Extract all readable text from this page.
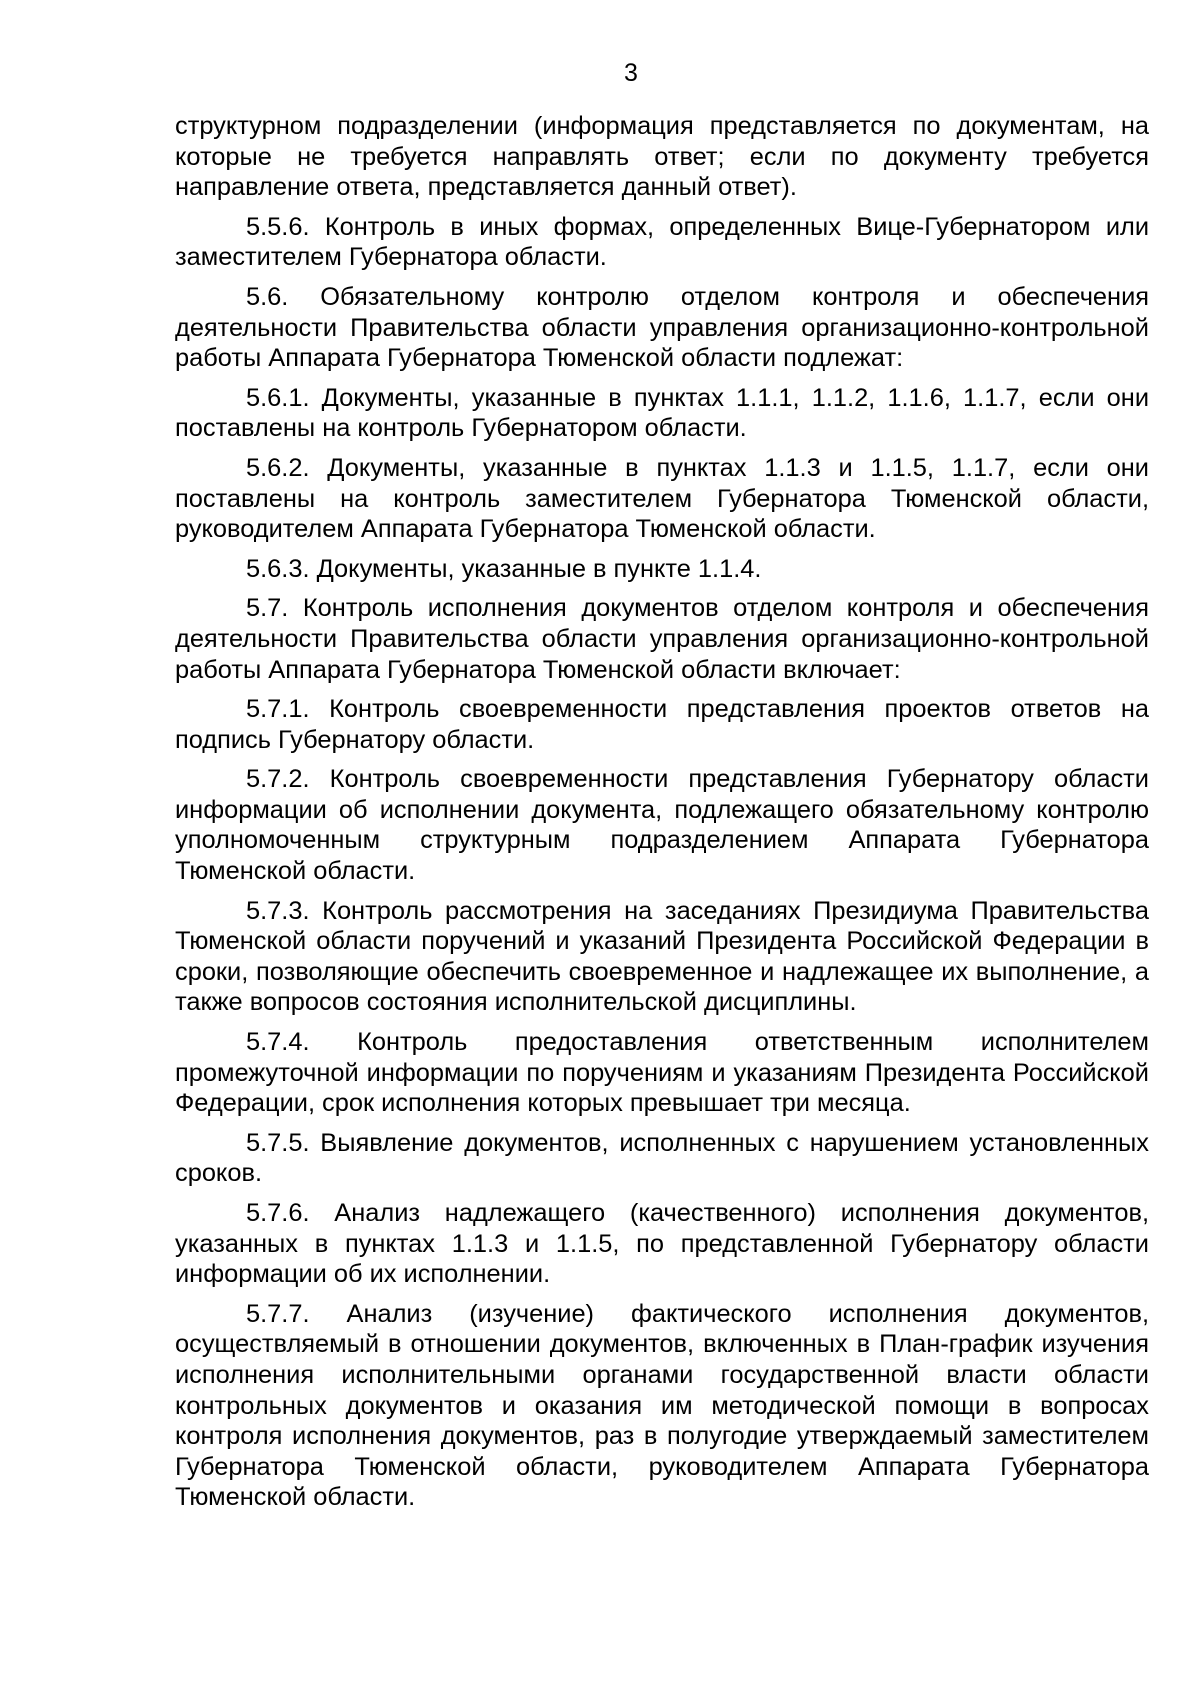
3

структурном подразделении (информация представляется по документам, на которые не требуется направлять ответ; если по документу требуется направление ответа, представляется данный ответ).

5.5.6. Контроль в иных формах, определенных Вице-Губернатором или заместителем Губернатора области.

5.6. Обязательному контролю отделом контроля и обеспечения деятельности Правительства области управления организационно-контрольной работы Аппарата Губернатора Тюменской области подлежат:

5.6.1. Документы, указанные в пунктах 1.1.1, 1.1.2, 1.1.6, 1.1.7, если они поставлены на контроль Губернатором области.

5.6.2. Документы, указанные в пунктах 1.1.3 и 1.1.5, 1.1.7, если они поставлены на контроль заместителем Губернатора Тюменской области, руководителем Аппарата Губернатора Тюменской области.

5.6.3. Документы, указанные в пункте 1.1.4.

5.7. Контроль исполнения документов отделом контроля и обеспечения деятельности Правительства области управления организационно-контрольной работы Аппарата Губернатора Тюменской области включает:

5.7.1. Контроль своевременности представления проектов ответов на подпись Губернатору области.

5.7.2. Контроль своевременности представления Губернатору области информации об исполнении документа, подлежащего обязательному контролю уполномоченным структурным подразделением Аппарата Губернатора Тюменской области.

5.7.3. Контроль рассмотрения на заседаниях Президиума Правительства Тюменской области поручений и указаний Президента Российской Федерации в сроки, позволяющие обеспечить своевременное и надлежащее их выполнение, а также вопросов состояния исполнительской дисциплины.

5.7.4. Контроль предоставления ответственным исполнителем промежуточной информации по поручениям и указаниям Президента Российской Федерации, срок исполнения которых превышает три месяца.

5.7.5. Выявление документов, исполненных с нарушением установленных сроков.

5.7.6. Анализ надлежащего (качественного) исполнения документов, указанных в пунктах 1.1.3 и 1.1.5, по представленной Губернатору области информации об их исполнении.

5.7.7. Анализ (изучение) фактического исполнения документов, осуществляемый в отношении документов, включенных в План-график изучения исполнения исполнительными органами государственной власти области контрольных документов и оказания им методической помощи в вопросах контроля исполнения документов, раз в полугодие утверждаемый заместителем Губернатора Тюменской области, руководителем Аппарата Губернатора Тюменской области.
